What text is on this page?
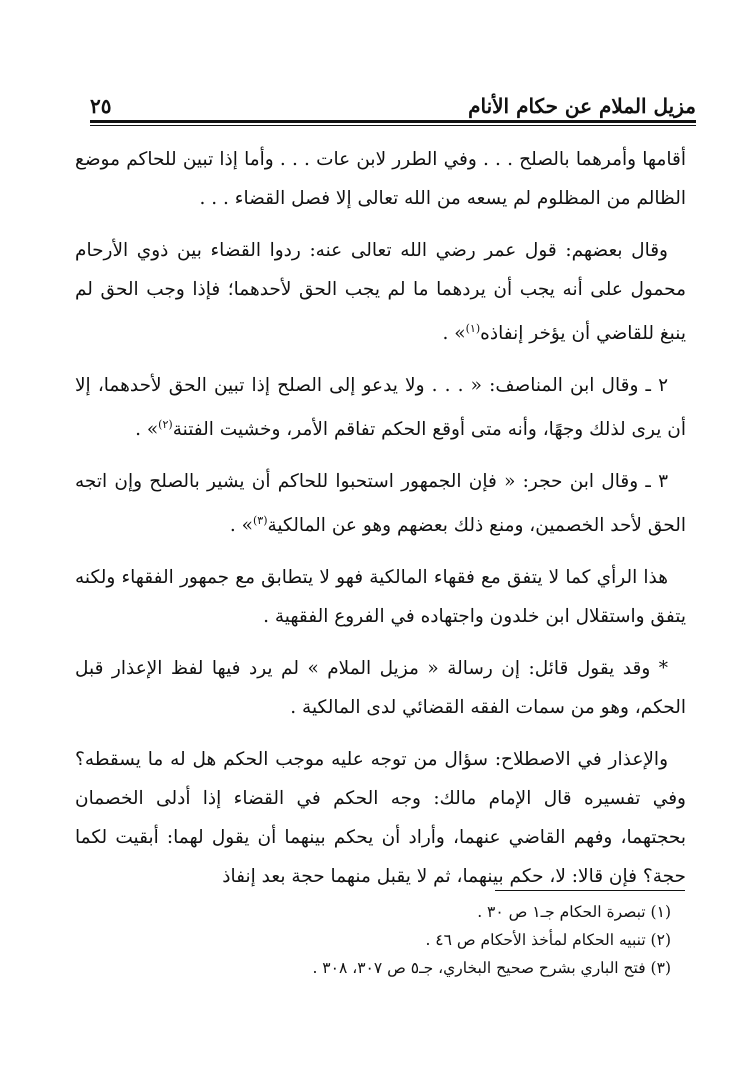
مزيل الملام عن حكام الأنام
٢٥

أقامها وأمرهما بالصلح . . . وفي الطرر لابن عات . . . وأما إذا تبين للحاكم موضع الظالم من المظلوم لم يسعه من الله تعالى إلا فصل القضاء . . .

وقال بعضهم: قول عمر رضي الله تعالى عنه: ردوا القضاء بين ذوي الأرحام محمول على أنه يجب أن يردهما ما لم يجب الحق لأحدهما؛ فإذا وجب الحق لم ينبغ للقاضي أن يؤخر إنفاذه$^{(١)}$» .

٢ ـ وقال ابن المناصف: « . . . ولا يدعو إلى الصلح إذا تبين الحق لأحدهما، إلا أن يرى لذلك وجهًا، وأنه متى أوقع الحكم تفاقم الأمر، وخشيت الفتنة$^{(٢)}$» .

٣ ـ وقال ابن حجر: « فإن الجمهور استحبوا للحاكم أن يشير بالصلح وإن اتجه الحق لأحد الخصمين، ومنع ذلك بعضهم وهو عن المالكية$^{(٣)}$» .

هذا الرأي كما لا يتفق مع فقهاء المالكية فهو لا يتطابق مع جمهور الفقهاء ولكنه يتفق واستقلال ابن خلدون واجتهاده في الفروع الفقهية .

* وقد يقول قائل: إن رسالة « مزيل الملام » لم يرد فيها لفظ الإعذار قبل الحكم، وهو من سمات الفقه القضائي لدى المالكية .

والإعذار في الاصطلاح: سؤال من توجه عليه موجب الحكم هل له ما يسقطه؟ وفي تفسيره قال الإمام مالك: وجه الحكم في القضاء إذا أدلى الخصمان بحجتهما، وفهم القاضي عنهما، وأراد أن يحكم بينهما أن يقول لهما: أبقيت لكما حجة؟ فإن قالا: لا، حكم بينهما، ثم لا يقبل منهما حجة بعد إنفاذ

(١) تبصرة الحكام جـ١ ص ٣٠ .
(٢) تنبيه الحكام لمأخذ الأحكام ص ٤٦ .
(٣) فتح الباري بشرح صحيح البخاري، جـ٥ ص ٣٠٧، ٣٠٨ .
